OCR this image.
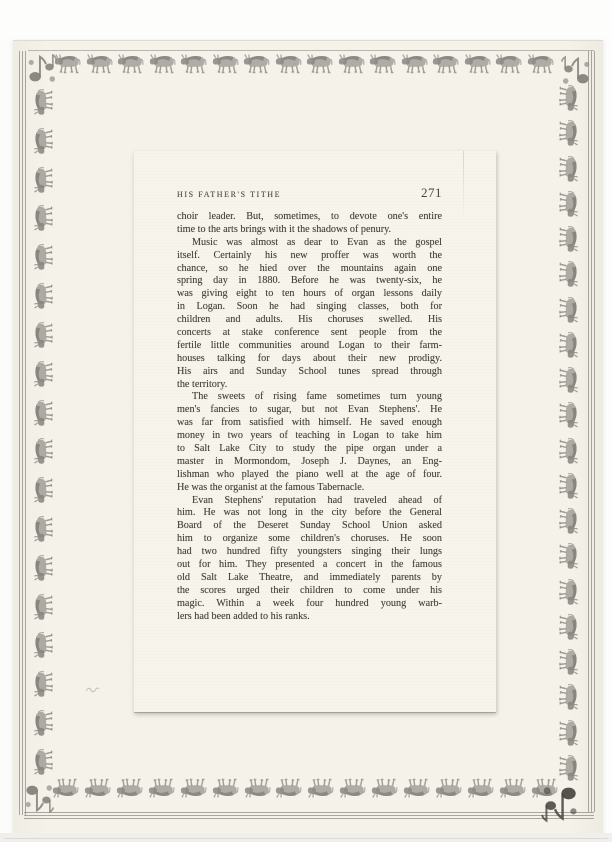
HIS FATHER'S TITHE	271
choir leader. But, sometimes, to devote one's entire
time to the arts brings with it the shadows of penury.
Music was almost as dear to Evan as the gospel
itself. Certainly his new proffer was worth the
chance, so he hied over the mountains again one
spring day in 1880. Before he was twenty-six, he
was giving eight to ten hours of organ lessons daily
in Logan. Soon he had singing classes, both for
children and adults. His choruses swelled. His
concerts at stake conference sent people from the
fertile little communities around Logan to their farm-
houses talking for days about their new prodigy.
His airs and Sunday School tunes spread through
the territory.
The sweets of rising fame sometimes turn young
men's fancies to sugar, but not Evan Stephens'. He
was far from satisfied with himself. He saved enough
money in two years of teaching in Logan to take him
to Salt Lake City to study the pipe organ under a
master in Mormondom, Joseph J. Daynes, an Eng-
lishman who played the piano well at the age of four.
He was the organist at the famous Tabernacle.
Evan Stephens' reputation had traveled ahead of
him. He was not long in the city before the General
Board of the Deseret Sunday School Union asked
him to organize some children's choruses. He soon
had two hundred fifty youngsters singing their lungs
out for him. They presented a concert in the famous
old Salt Lake Theatre, and immediately parents by
the scores urged their children to come under his
magic. Within a week four hundred young warb-
lers had been added to his ranks.
